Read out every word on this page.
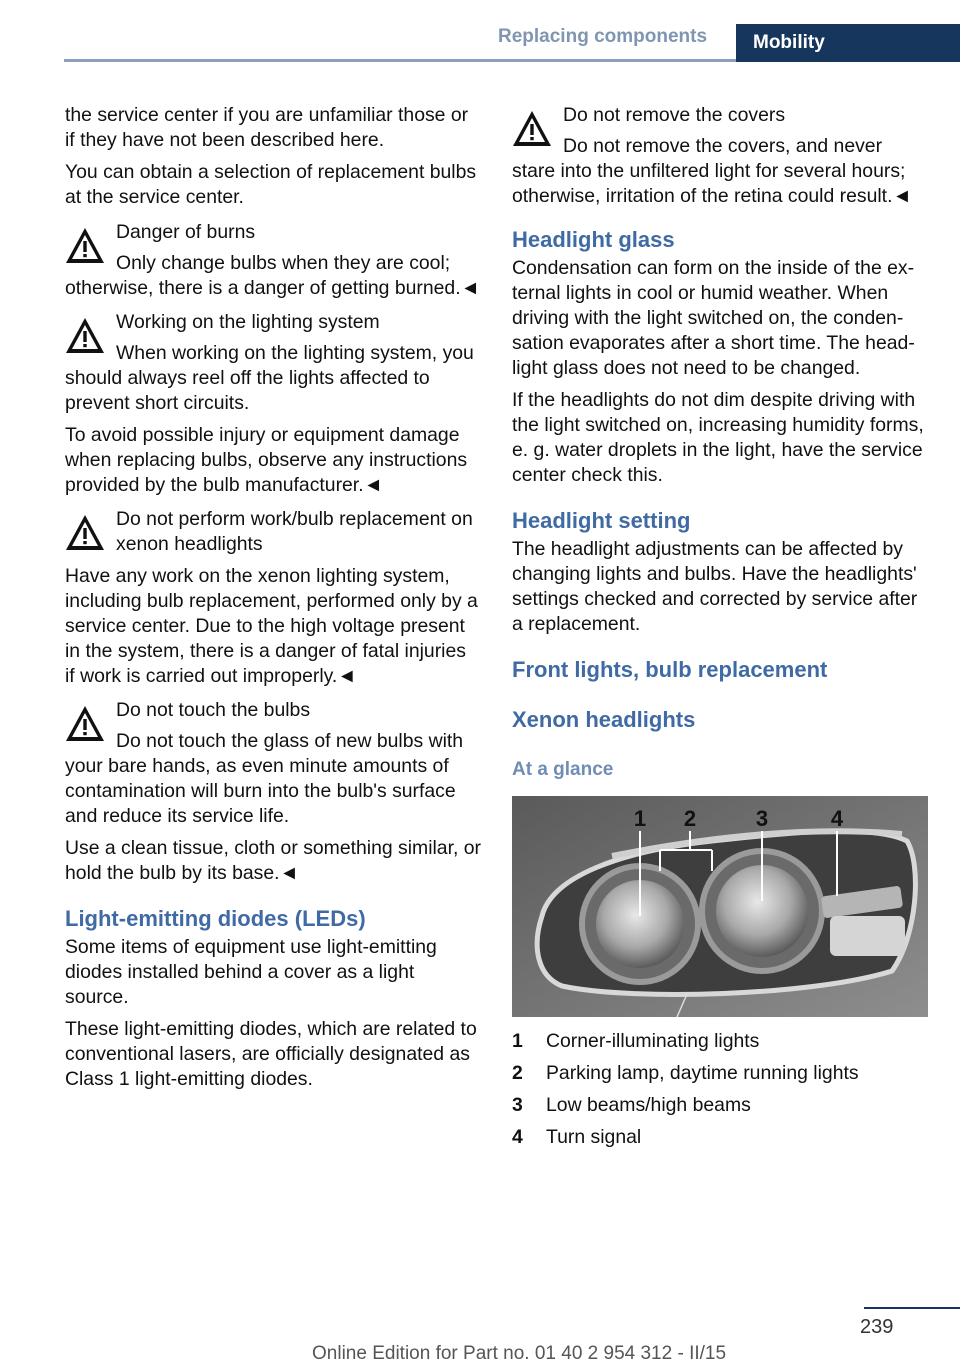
Replacing components	Mobility

the service center if you are unfamiliar those or if they have not been described here.

You can obtain a selection of replacement bulbs at the service center.

Danger of burns

Only change bulbs when they are cool; otherwise, there is a danger of getting burned.◄

Working on the lighting system

When working on the lighting system, you should always reel off the lights affected to prevent short circuits.

To avoid possible injury or equipment damage when replacing bulbs, observe any instructions provided by the bulb manufacturer.◄

Do not perform work/bulb replacement on xenon headlights

Have any work on the xenon lighting system, including bulb replacement, performed only by a service center. Due to the high voltage present in the system, there is a danger of fatal injuries if work is carried out improperly.◄

Do not touch the bulbs

Do not touch the glass of new bulbs with your bare hands, as even minute amounts of contamination will burn into the bulb's surface and reduce its service life.

Use a clean tissue, cloth or something similar, or hold the bulb by its base.◄

Light-emitting diodes (LEDs)

Some items of equipment use light-emitting diodes installed behind a cover as a light source.

These light-emitting diodes, which are related to conventional lasers, are officially designated as Class 1 light-emitting diodes.

Do not remove the covers

Do not remove the covers, and never stare into the unfiltered light for several hours; otherwise, irritation of the retina could result.◄

Headlight glass

Condensation can form on the inside of the external lights in cool or humid weather. When driving with the light switched on, the condensation evaporates after a short time. The headlight glass does not need to be changed.

If the headlights do not dim despite driving with the light switched on, increasing humidity forms, e. g. water droplets in the light, have the service center check this.

Headlight setting

The headlight adjustments can be affected by changing lights and bulbs. Have the headlights' settings checked and corrected by service after a replacement.

Front lights, bulb replacement
Xenon headlights
At a glance
1 2	3	4
1	Corner-illuminating lights
2	Parking lamp, daytime running lights
3	Low beams/high beams
4	Turn signal
239
Online Edition for Part no. 01 40 2 954 312 - II/15
